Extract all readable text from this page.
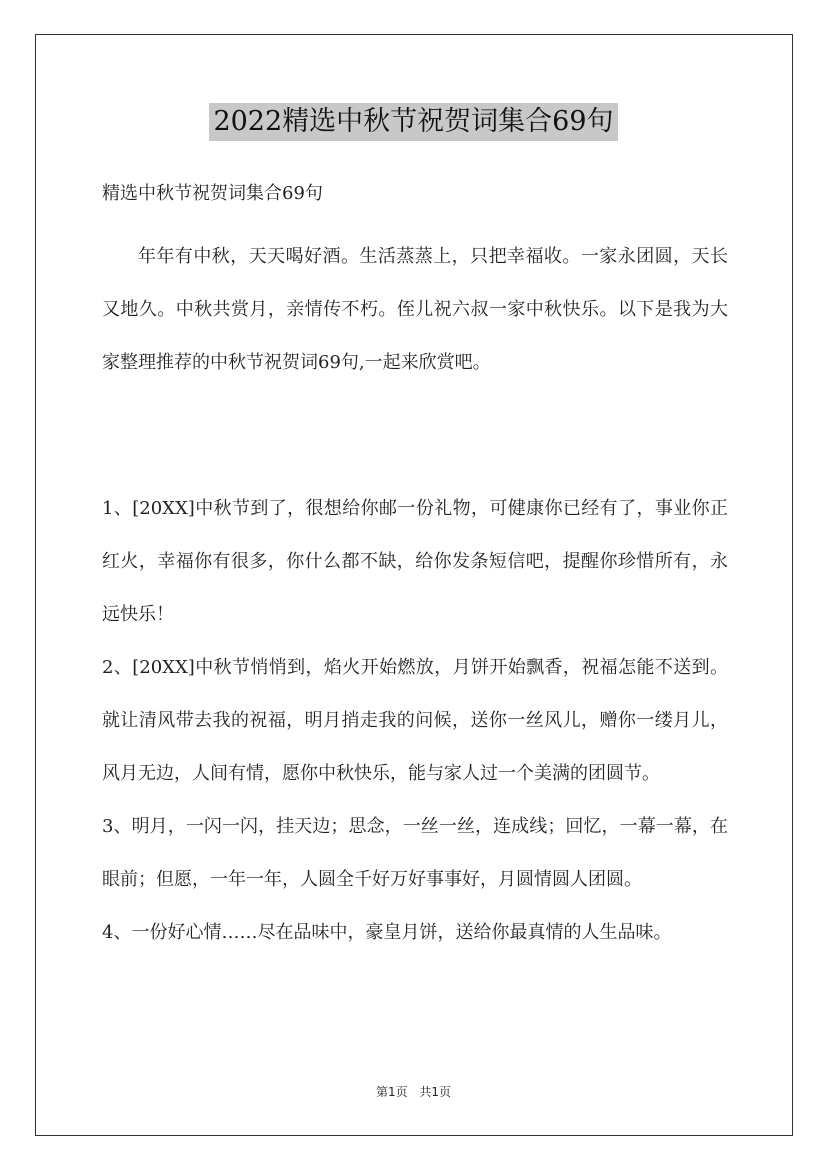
2022精选中秋节祝贺词集合69句
精选中秋节祝贺词集合69句
年年有中秋，天天喝好酒。生活蒸蒸上，只把幸福收。一家永团圆，天长又地久。中秋共赏月，亲情传不朽。侄儿祝六叔一家中秋快乐。以下是我为大家整理推荐的中秋节祝贺词69句,一起来欣赏吧。

1、[20XX]中秋节到了，很想给你邮一份礼物，可健康你已经有了，事业你正红火，幸福你有很多，你什么都不缺，给你发条短信吧，提醒你珍惜所有，永远快乐！

2、[20XX]中秋节悄悄到，焰火开始燃放，月饼开始飘香，祝福怎能不送到。就让清风带去我的祝福，明月捎走我的问候，送你一丝风儿，赠你一缕月儿，风月无边，人间有情，愿你中秋快乐，能与家人过一个美满的团圆节。

3、明月，一闪一闪，挂天边；思念，一丝一丝，连成线；回忆，一幕一幕，在眼前；但愿，一年一年，人圆全千好万好事事好，月圆情圆人团圆。

4、一份好心情……尽在品味中，豪皇月饼，送给你最真情的人生品味。

第1页 共1页
